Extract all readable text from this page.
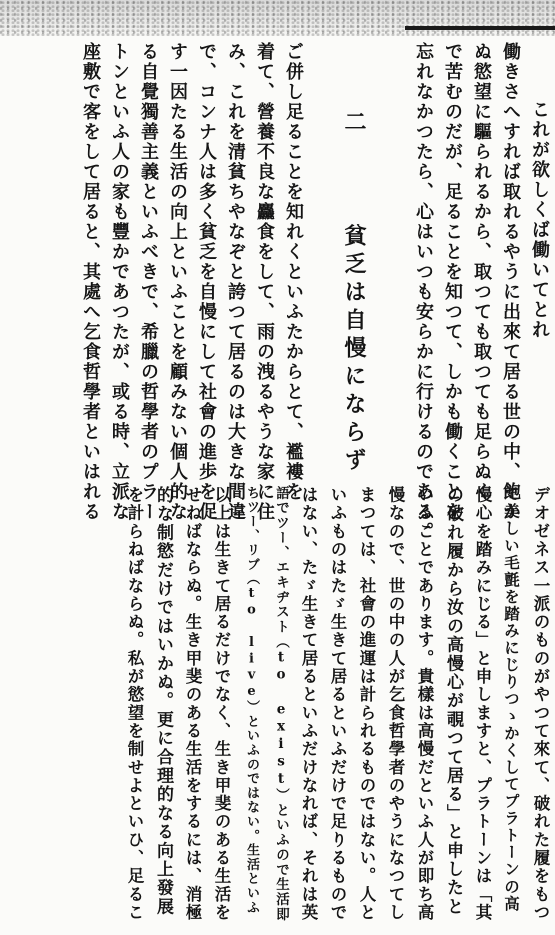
これが欲しくば働いてとれ
働きさへすれば取れるやうに出來て居る世の中、飽か
ぬ慾望に驅られるから、取つても取つても足らぬく
で苦むのだが、足ることを知つて、しかも働くことを
忘れなかつたら、心はいつも安らかに行けるのである。
二 　 貧乏は自慢にならず
ご併し足ることを知れくといふたからとて、襤褸を
着て、營養不良な麤食をして、雨の洩るやうな家に住
み、これを清貧ちやなぞと誇つて居るのは大きな間違
で、コンナ人は多く貧乏を自慢にして社會の進歩を促
す一因たる生活の向上といふことを顧みない個人的な
る自覺獨善主義といふべきで、希臘の哲學者のプラー
トンといふ人の家も豐かであつたが、或る時、立派な
座敷で客をして居ると、其處へ乞食哲學者といはれる
デオゼネス一派のものがやつて來て、破れた履をもつ
て美しい毛氈を踏みにじりつゝかくしてプラトーンの高
慢心を踏みにじる」と申しますと、プラトーンは「其
の破れ履から汝の高慢心が覗つて居る」と申したと
いふことであります。貴樣は高慢だといふ人が即ち高
慢なので、世の中の人が乞食哲學者のやうになつてし
まつては、社會の進運は計られるものではない。人と
いふものはたゞ生きて居るといふだけで足りるもので
はない、たゞ生きて居るといふだけなれば、それは英
語でツー、エキヂスト（to exist）といふので生活即
ちツー、リブ（to live）といふのではない。生活といふ
以上は生きて居るだけでなく、生き甲斐のある生活を
せねばならぬ。生き甲斐のある生活をするには、消極
的な制慾だけではいかぬ。更に合理的なる向上發展
を計らねばならぬ。私が慾望を制せよといひ、足るこ
